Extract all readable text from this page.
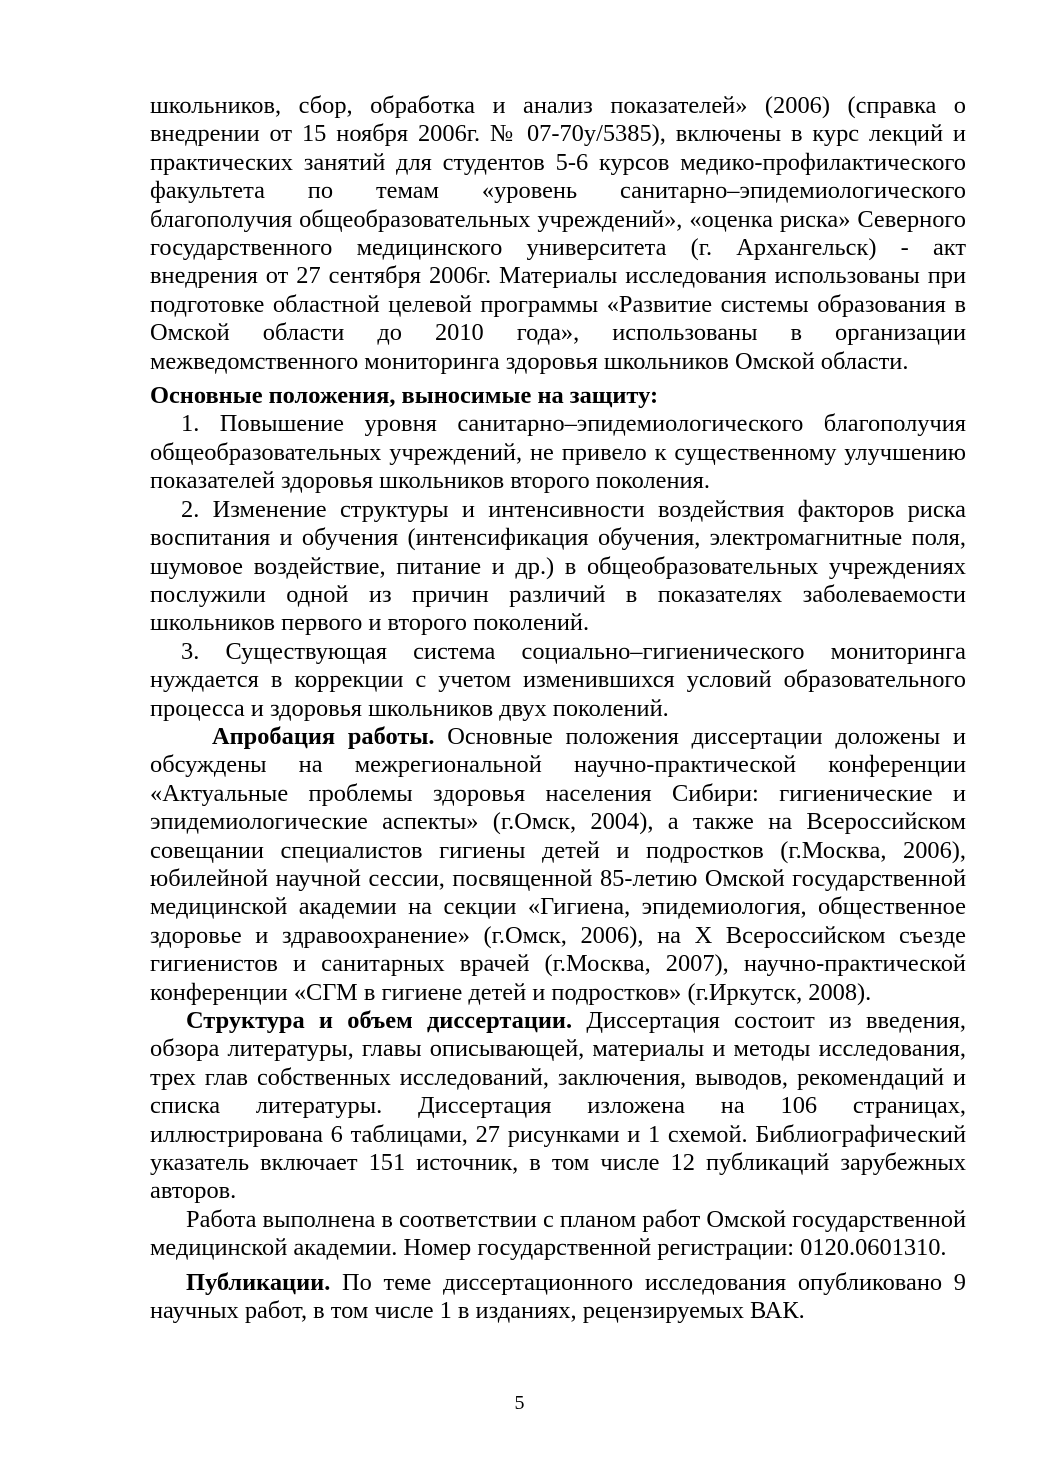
школьников, сбор, обработка и анализ показателей» (2006) (справка о внедрении от 15 ноября 2006г. № 07-70у/5385), включены в курс лекций и практических занятий для студентов 5-6 курсов медико-профилактического факультета по темам «уровень санитарно–эпидемиологического благополучия общеобразовательных учреждений», «оценка риска» Северного государственного медицинского университета (г. Архангельск) - акт внедрения от 27 сентября 2006г. Материалы исследования использованы при подготовке областной целевой программы «Развитие системы образования в Омской области до 2010 года», использованы в организации межведомственного мониторинга здоровья школьников Омской области.

Основные положения, выносимые на защиту:

1. Повышение уровня санитарно–эпидемиологического благополучия общеобразовательных учреждений, не привело к существенному улучшению показателей здоровья школьников второго поколения.

2. Изменение структуры и интенсивности воздействия факторов риска воспитания и обучения (интенсификация обучения, электромагнитные поля, шумовое воздействие, питание и др.) в общеобразовательных учреждениях послужили одной из причин различий в показателях заболеваемости школьников первого и второго поколений.

3. Существующая система социально–гигиенического мониторинга нуждается в коррекции с учетом изменившихся условий образовательного процесса и здоровья школьников двух поколений.

Апробация работы. Основные положения диссертации доложены и обсуждены на межрегиональной научно-практической конференции «Актуальные проблемы здоровья населения Сибири: гигиенические и эпидемиологические аспекты» (г.Омск, 2004), а также на Всероссийском совещании специалистов гигиены детей и подростков (г.Москва, 2006), юбилейной научной сессии, посвященной 85-летию Омской государственной медицинской академии на секции «Гигиена, эпидемиология, общественное здоровье и здравоохранение» (г.Омск, 2006), на Х Всероссийском съезде гигиенистов и санитарных врачей (г.Москва, 2007), научно-практической конференции «СГМ в гигиене детей и подростков» (г.Иркутск, 2008).

Структура и объем диссертации. Диссертация состоит из введения, обзора литературы, главы описывающей, материалы и методы исследования, трех глав собственных исследований, заключения, выводов, рекомендаций и списка литературы. Диссертация изложена на 106 страницах, иллюстрирована 6 таблицами, 27 рисунками и 1 схемой. Библиографический указатель включает 151 источник, в том числе 12 публикаций зарубежных авторов.

Работа выполнена в соответствии с планом работ Омской государственной медицинской академии. Номер государственной регистрации: 0120.0601310.

Публикации. По теме диссертационного исследования опубликовано 9 научных работ, в том числе 1 в изданиях, рецензируемых ВАК.

5
